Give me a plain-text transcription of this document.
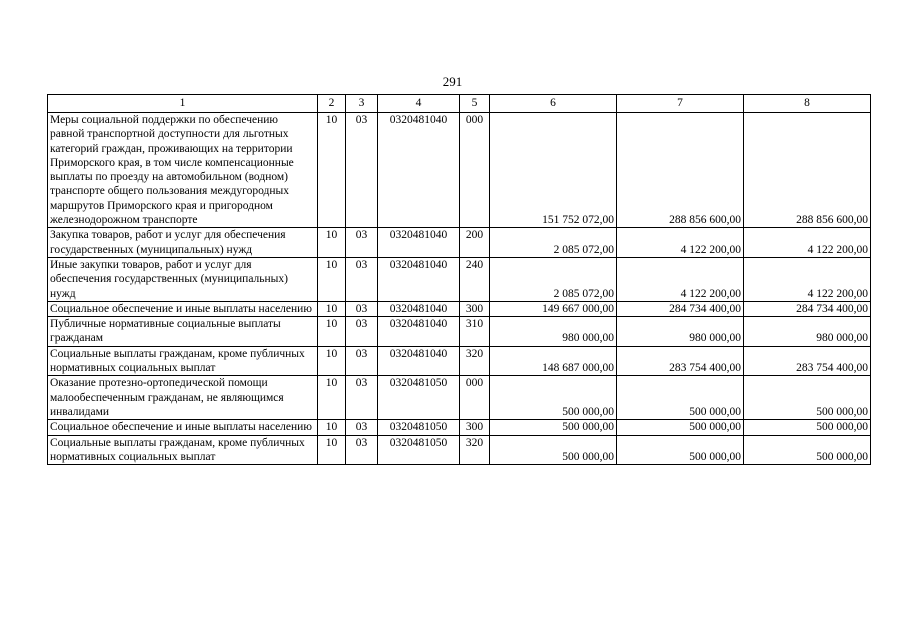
291
1	2	3	4	5	6	7	8
Меры социальной поддержки по обеспечению равной транспортной доступности для льготных категорий граждан, проживающих на территории Приморского края, в том числе компенсационные выплаты по проезду на автомобильном (водном) транспорте общего пользования междугородных маршрутов Приморского края и пригородном железнодорожном транспорте	10	03	0320481040	000	151 752 072,00	288 856 600,00	288 856 600,00
Закупка товаров, работ и услуг для обеспечения государственных (муниципальных) нужд	10	03	0320481040	200	2 085 072,00	4 122 200,00	4 122 200,00
Иные закупки товаров, работ и услуг для обеспечения государственных (муниципальных) нужд	10	03	0320481040	240	2 085 072,00	4 122 200,00	4 122 200,00
Социальное обеспечение и иные выплаты населению	10	03	0320481040	300	149 667 000,00	284 734 400,00	284 734 400,00
Публичные нормативные социальные выплаты гражданам	10	03	0320481040	310	980 000,00	980 000,00	980 000,00
Социальные выплаты гражданам, кроме публичных нормативных социальных выплат	10	03	0320481040	320	148 687 000,00	283 754 400,00	283 754 400,00
Оказание протезно-ортопедической помощи малообеспеченным гражданам, не являющимся инвалидами	10	03	0320481050	000	500 000,00	500 000,00	500 000,00
Социальное обеспечение и иные выплаты населению	10	03	0320481050	300	500 000,00	500 000,00	500 000,00
Социальные выплаты гражданам, кроме публичных нормативных социальных выплат	10	03	0320481050	320	500 000,00	500 000,00	500 000,00
